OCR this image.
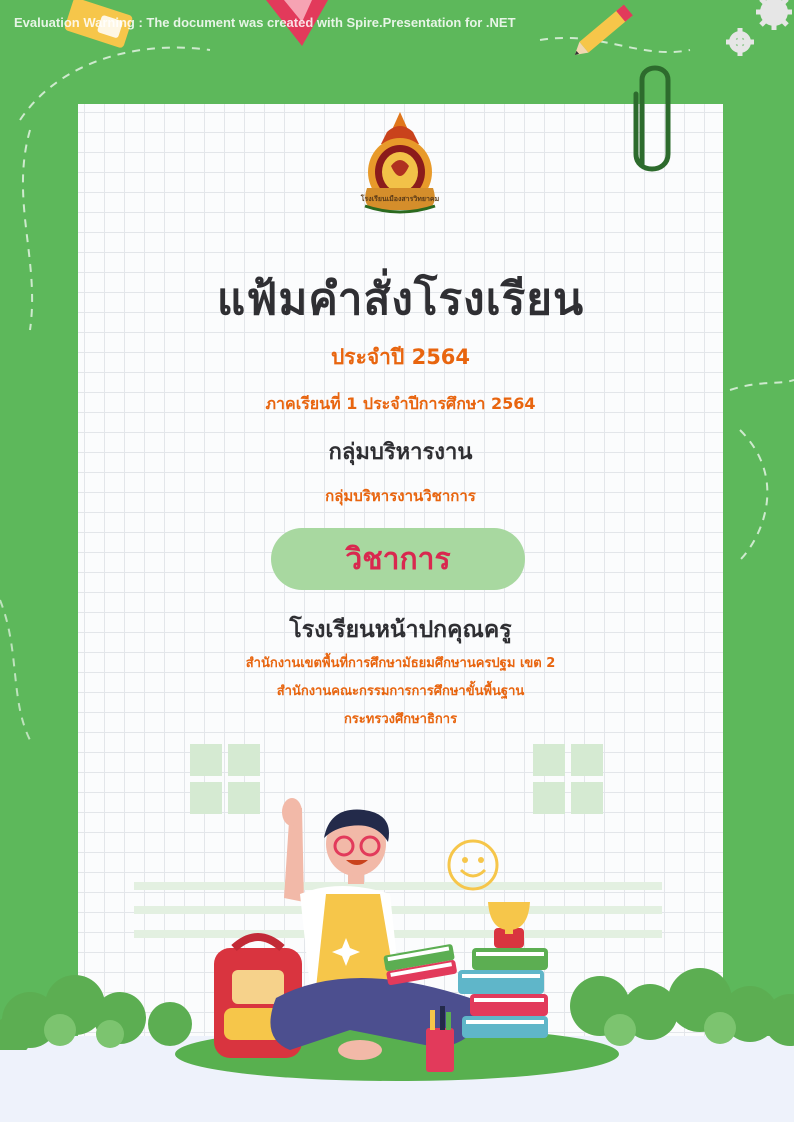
โรงเรียนเมืองสารวิทยาคม
แฟ้มคำสั่งโรงเรียน
ประจำปี 2564
ภาคเรียนที่ 1 ประจำปีการศึกษา 2564
กลุ่มบริหารงาน
กลุ่มบริหารงานวิชาการ
วิชาการ
โรงเรียนหน้าปกคุณครู
สำนักงานเขตพื้นที่การศึกษามัธยมศึกษานครปฐม เขต 2
สำนักงานคณะกรรมการการศึกษาขั้นพื้นฐาน
กระทรวงศึกษาธิการ
Evaluation Warning : The document was created with Spire.Presentation for .NET
